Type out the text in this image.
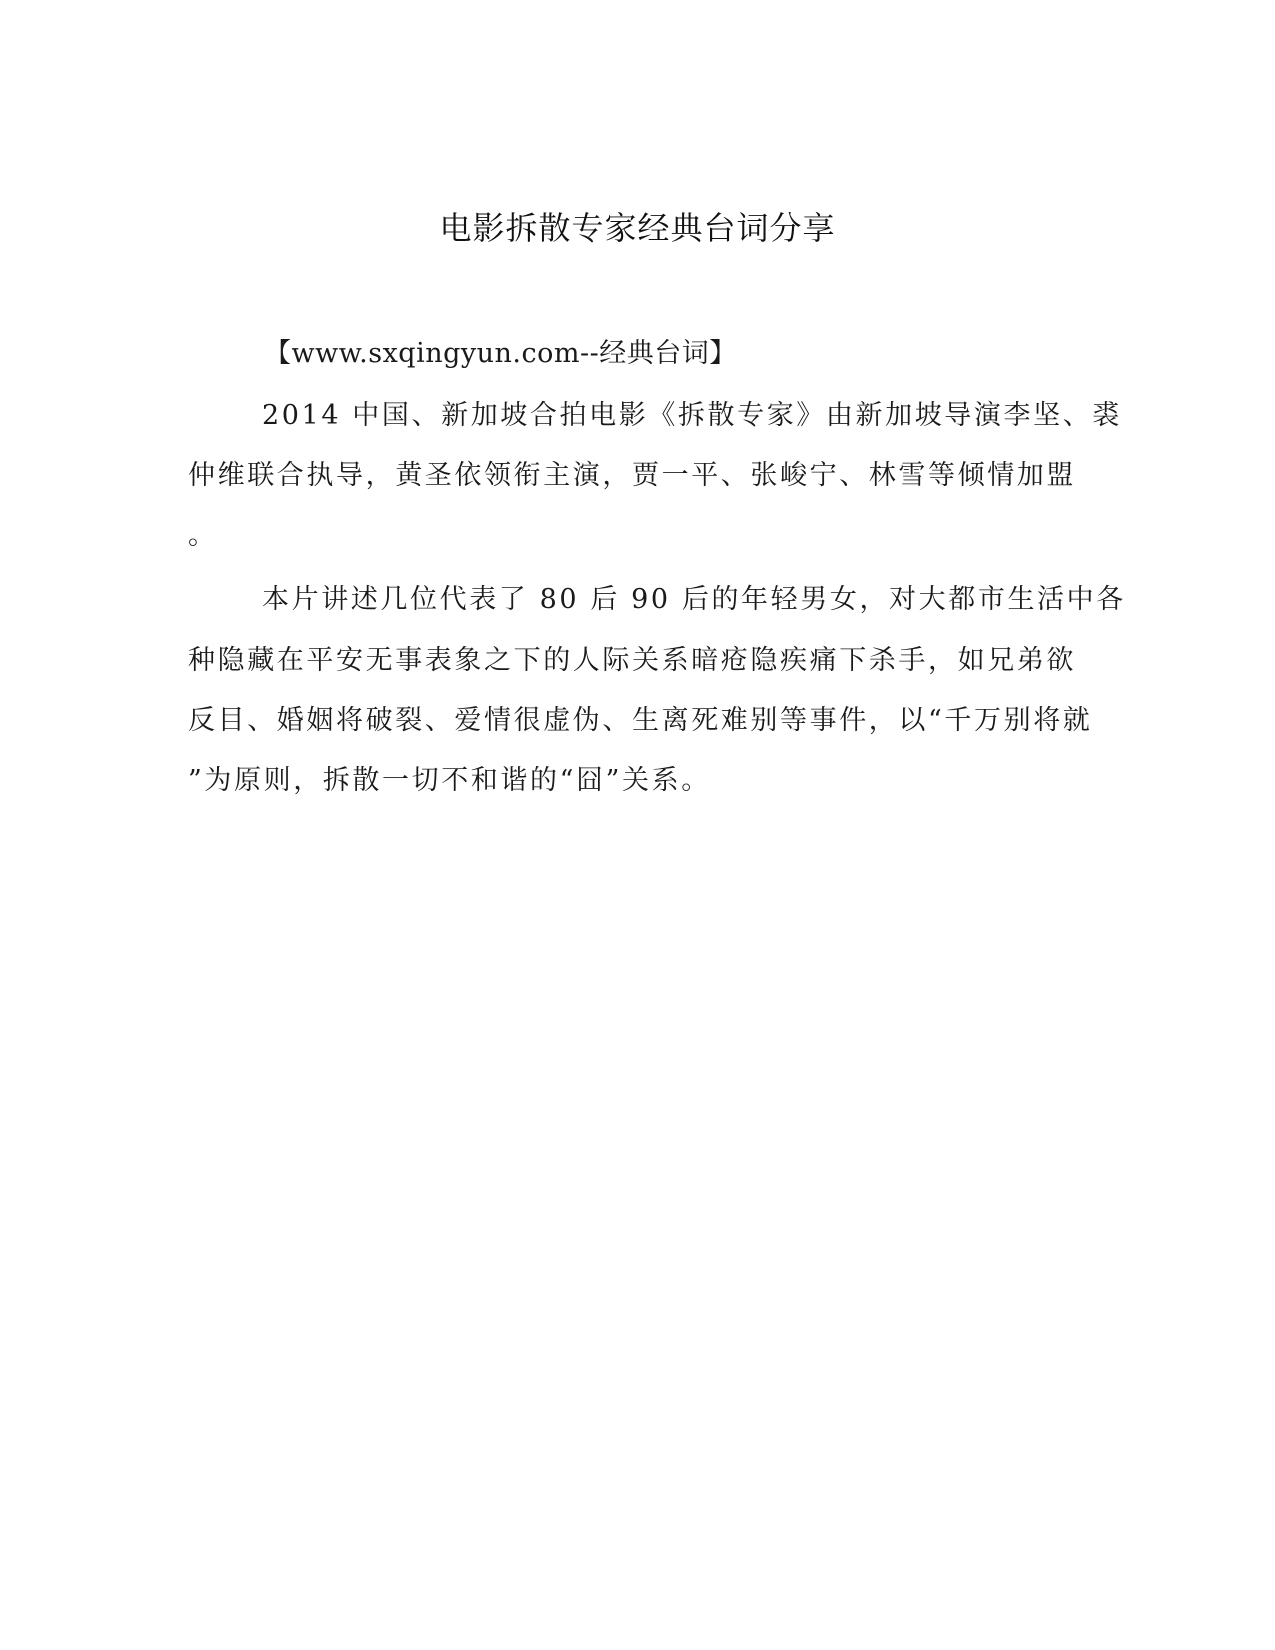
电影拆散专家经典台词分享
【www.sxqingyun.com--经典台词】
2014 中国、新加坡合拍电影《拆散专家》由新加坡导演李坚、裘
仲维联合执导，黄圣依领衔主演，贾一平、张峻宁、林雪等倾情加盟
。
本片讲述几位代表了 80 后 90 后的年轻男女，对大都市生活中各
种隐藏在平安无事表象之下的人际关系暗疮隐疾痛下杀手，如兄弟欲
反目、婚姻将破裂、爱情很虚伪、生离死难别等事件，以“千万别将就
”为原则，拆散一切不和谐的“囧”关系。
